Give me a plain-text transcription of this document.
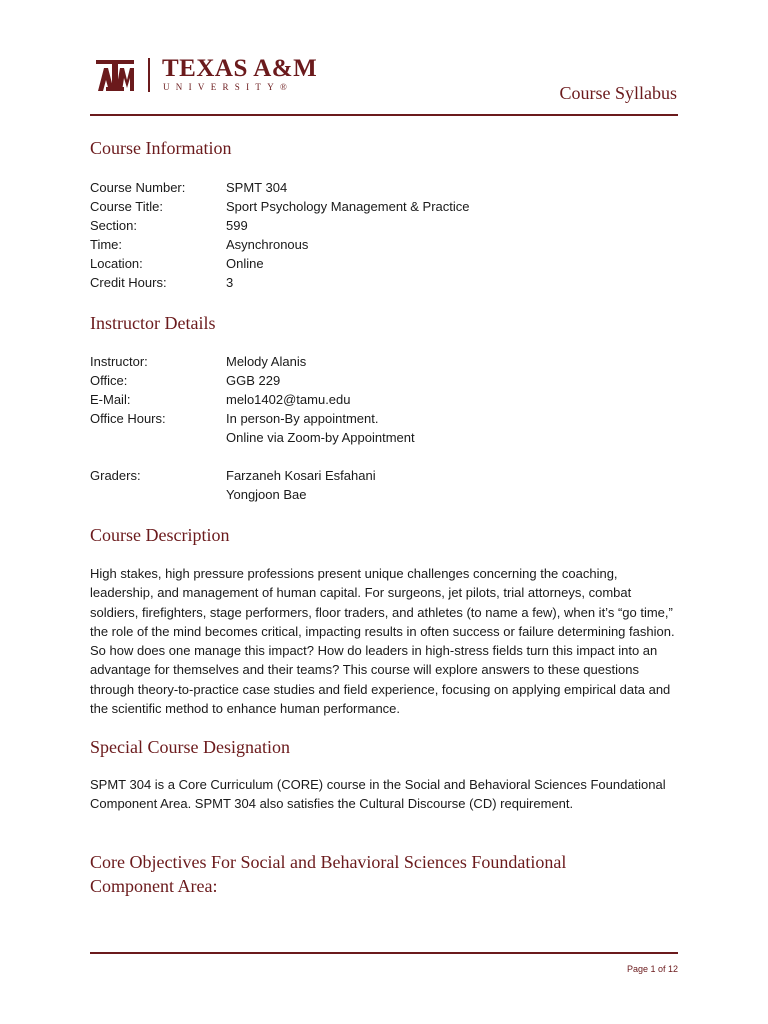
TEXAS A&M
UNIVERSITY®	Course Syllabus
Course Information
Course Number:	SPMT 304
Course Title:	Sport Psychology Management & Practice
Section:	599
Time:	Asynchronous
Location:	Online
Credit Hours:	3
Instructor Details
Instructor:	Melody Alanis
Office:	GGB 229
E-Mail:	melo1402@tamu.edu
Office Hours:	In person-By appointment.
Online via Zoom-by Appointment
Graders:	Farzaneh Kosari Esfahani
Yongjoon Bae
Course Description

High stakes, high pressure professions present unique challenges concerning the coaching, leadership, and management of human capital. For surgeons, jet pilots, trial attorneys, combat soldiers, firefighters, stage performers, floor traders, and athletes (to name a few), when it’s “go time,” the role of the mind becomes critical, impacting results in often success or failure determining fashion. So how does one manage this impact? How do leaders in high-stress fields turn this impact into an advantage for themselves and their teams? This course will explore answers to these questions through theory-to-practice case studies and field experience, focusing on applying empirical data and the scientific method to enhance human performance.

Special Course Designation

SPMT 304 is a Core Curriculum (CORE) course in the Social and Behavioral Sciences Foundational Component Area. SPMT 304 also satisfies the Cultural Discourse (CD) requirement.

Core Objectives For Social and Behavioral Sciences Foundational Component Area:
Page 1 of 12
